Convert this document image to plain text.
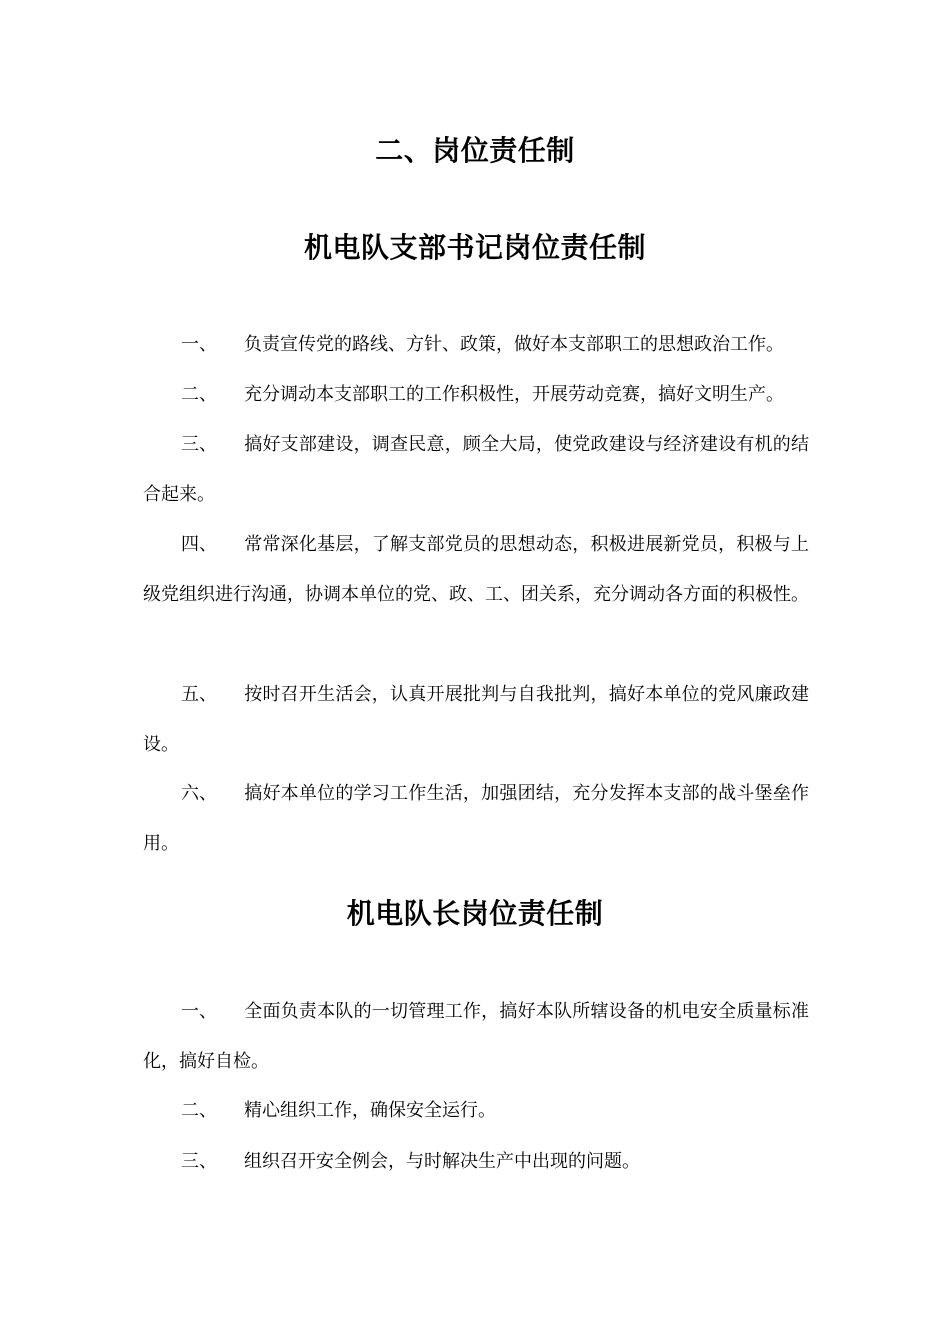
二、岗位责任制
机电队支部书记岗位责任制
一、 负责宣传党的路线、方针、政策，做好本支部职工的思想政治工作。
二、 充分调动本支部职工的工作积极性，开展劳动竞赛，搞好文明生产。
三、 搞好支部建设，调查民意，顾全大局，使党政建设与经济建设有机的结合起来。
四、 常常深化基层，了解支部党员的思想动态，积极进展新党员，积极与上级党组织进行沟通，协调本单位的党、政、工、团关系，充分调动各方面的积极性。
五、 按时召开生活会，认真开展批判与自我批判，搞好本单位的党风廉政建设。
六、 搞好本单位的学习工作生活，加强团结，充分发挥本支部的战斗堡垒作用。
机电队长岗位责任制
一、 全面负责本队的一切管理工作，搞好本队所辖设备的机电安全质量标准化，搞好自检。
二、 精心组织工作，确保安全运行。
三、 组织召开安全例会，与时解决生产中出现的问题。
